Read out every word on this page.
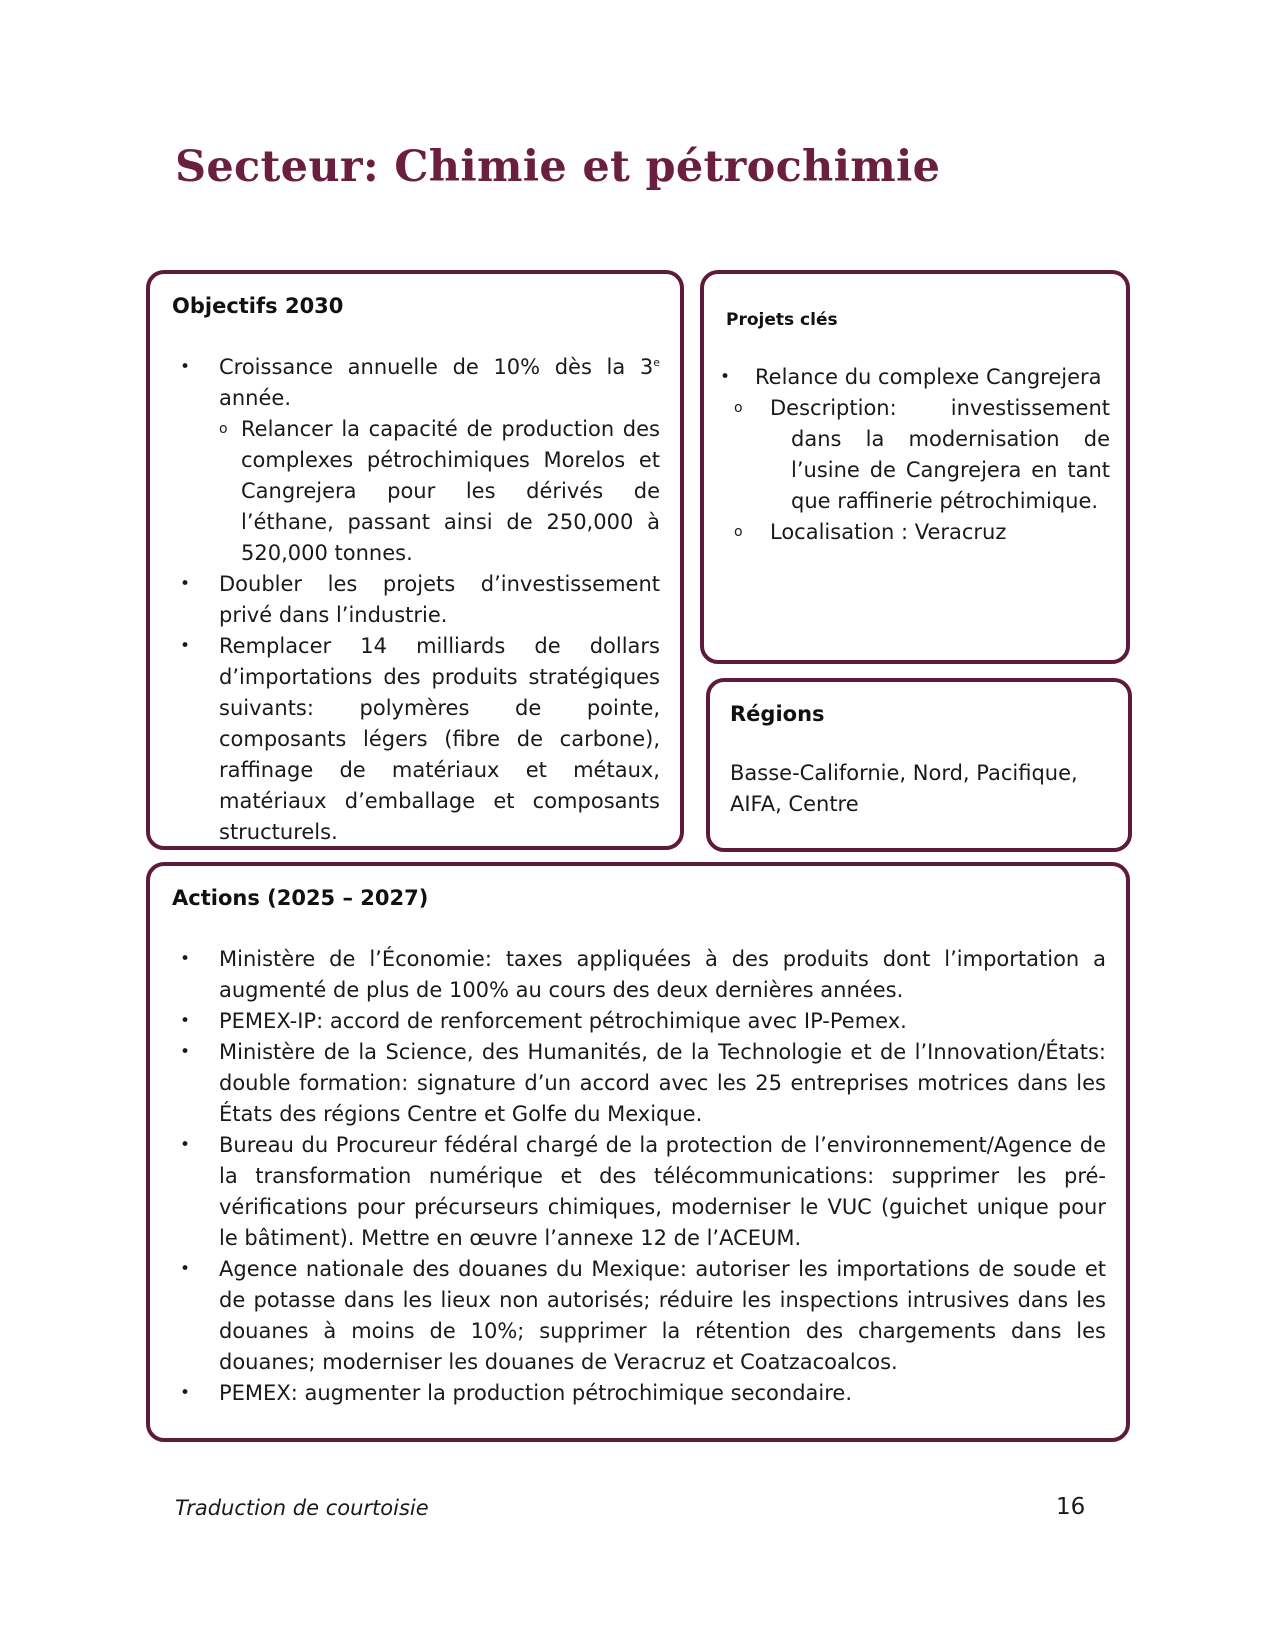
Secteur: Chimie et pétrochimie
Objectifs 2030
• Croissance annuelle de 10% dès la 3e année.
o Relancer la capacité de production des complexes pétrochimiques Morelos et Cangrejera pour les dérivés de l’éthane, passant ainsi de 250,000 à 520,000 tonnes.
• Doubler les projets d’investissement privé dans l’industrie.
• Remplacer 14 milliards de dollars d’importations des produits stratégiques suivants: polymères de pointe, composants légers (fibre de carbone), raffinage de matériaux et métaux, matériaux d’emballage et composants structurels.
Projets clés
• Relance du complexe Cangrejera
o Description: investissement dans la modernisation de l’usine de Cangrejera en tant que raffinerie pétrochimique.
o Localisation : Veracruz
Régions

Basse-Californie, Nord, Pacifique, AIFA, Centre

Actions (2025 – 2027)
• Ministère de l’Économie: taxes appliquées à des produits dont l’importation a augmenté de plus de 100% au cours des deux dernières années.
• PEMEX-IP: accord de renforcement pétrochimique avec IP-Pemex.
• Ministère de la Science, des Humanités, de la Technologie et de l’Innovation/États: double formation: signature d’un accord avec les 25 entreprises motrices dans les États des régions Centre et Golfe du Mexique.
• Bureau du Procureur fédéral chargé de la protection de l’environnement/Agence de la transformation numérique et des télécommunications: supprimer les pré-vérifications pour précurseurs chimiques, moderniser le VUC (guichet unique pour le bâtiment). Mettre en œuvre l’annexe 12 de l’ACEUM.
• Agence nationale des douanes du Mexique: autoriser les importations de soude et de potasse dans les lieux non autorisés; réduire les inspections intrusives dans les douanes à moins de 10%; supprimer la rétention des chargements dans les douanes; moderniser les douanes de Veracruz et Coatzacoalcos.
• PEMEX: augmenter la production pétrochimique secondaire.
Traduction de courtoisie	16
